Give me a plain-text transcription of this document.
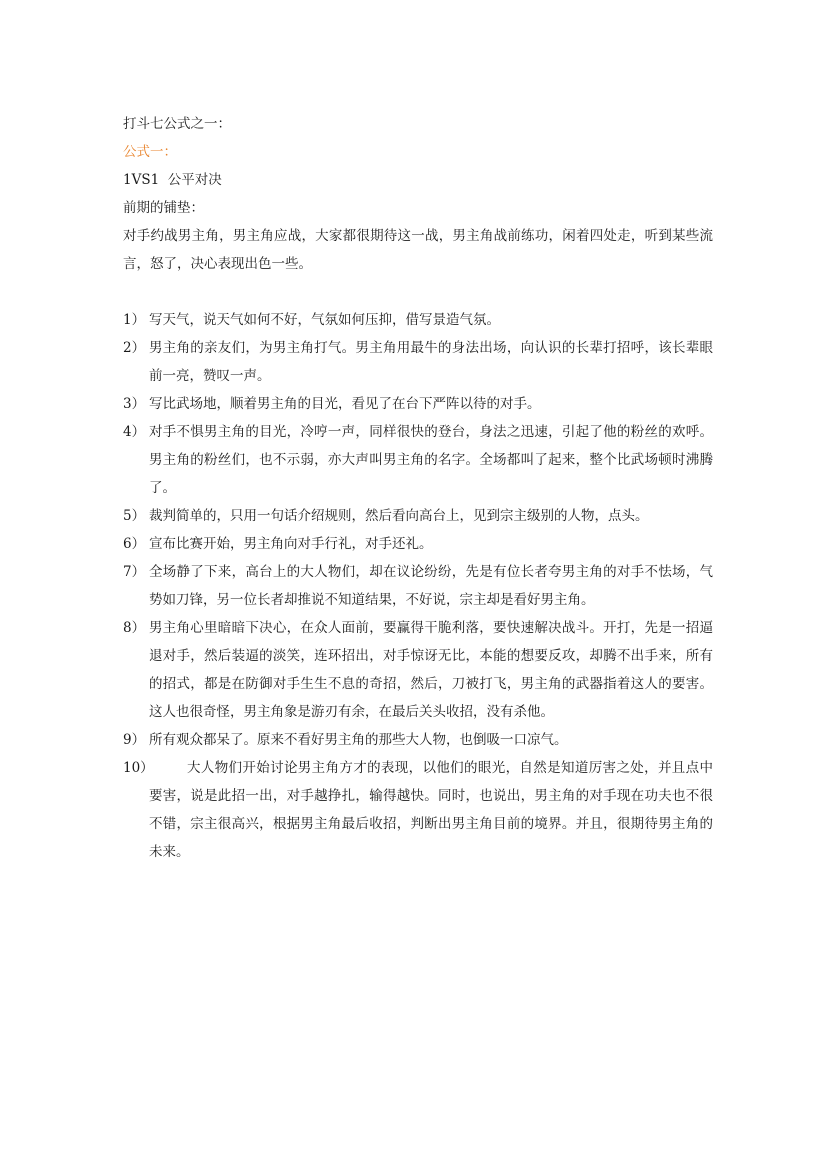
打斗七公式之一：

公式一：

1VS1  公平对决

前期的铺垫：

对手约战男主角，男主角应战，大家都很期待这一战，男主角战前练功，闲着四处走，听到某些流言，怒了，决心表现出色一些。

1） 写天气，说天气如何不好，气氛如何压抑，借写景造气氛。
2） 男主角的亲友们，为男主角打气。男主角用最牛的身法出场，向认识的长辈打招呼，该长辈眼前一亮，赞叹一声。
3） 写比武场地，顺着男主角的目光，看见了在台下严阵以待的对手。
4） 对手不惧男主角的目光，冷哼一声，同样很快的登台，身法之迅速，引起了他的粉丝的欢呼。男主角的粉丝们，也不示弱，亦大声叫男主角的名字。全场都叫了起来，整个比武场顿时沸腾了。
5） 裁判简单的，只用一句话介绍规则，然后看向高台上，见到宗主级别的人物，点头。
6） 宣布比赛开始，男主角向对手行礼，对手还礼。
7） 全场静了下来，高台上的大人物们，却在议论纷纷，先是有位长者夸男主角的对手不怯场，气势如刀锋，另一位长者却推说不知道结果，不好说，宗主却是看好男主角。
8） 男主角心里暗暗下决心，在众人面前，要赢得干脆利落，要快速解决战斗。开打，先是一招逼退对手，然后装逼的淡笑，连环招出，对手惊讶无比，本能的想要反攻，却腾不出手来，所有的招式，都是在防御对手生生不息的奇招，然后，刀被打飞，男主角的武器指着这人的要害。这人也很奇怪，男主角象是游刃有余，在最后关头收招，没有杀他。
9） 所有观众都呆了。原来不看好男主角的那些大人物，也倒吸一口凉气。
10）	大人物们开始讨论男主角方才的表现，以他们的眼光，自然是知道厉害之处，并且点中要害，说是此招一出，对手越挣扎，输得越快。同时，也说出，男主角的对手现在功夫也不很不错，宗主很高兴，根据男主角最后收招，判断出男主角目前的境界。并且，很期待男主角的未来。
